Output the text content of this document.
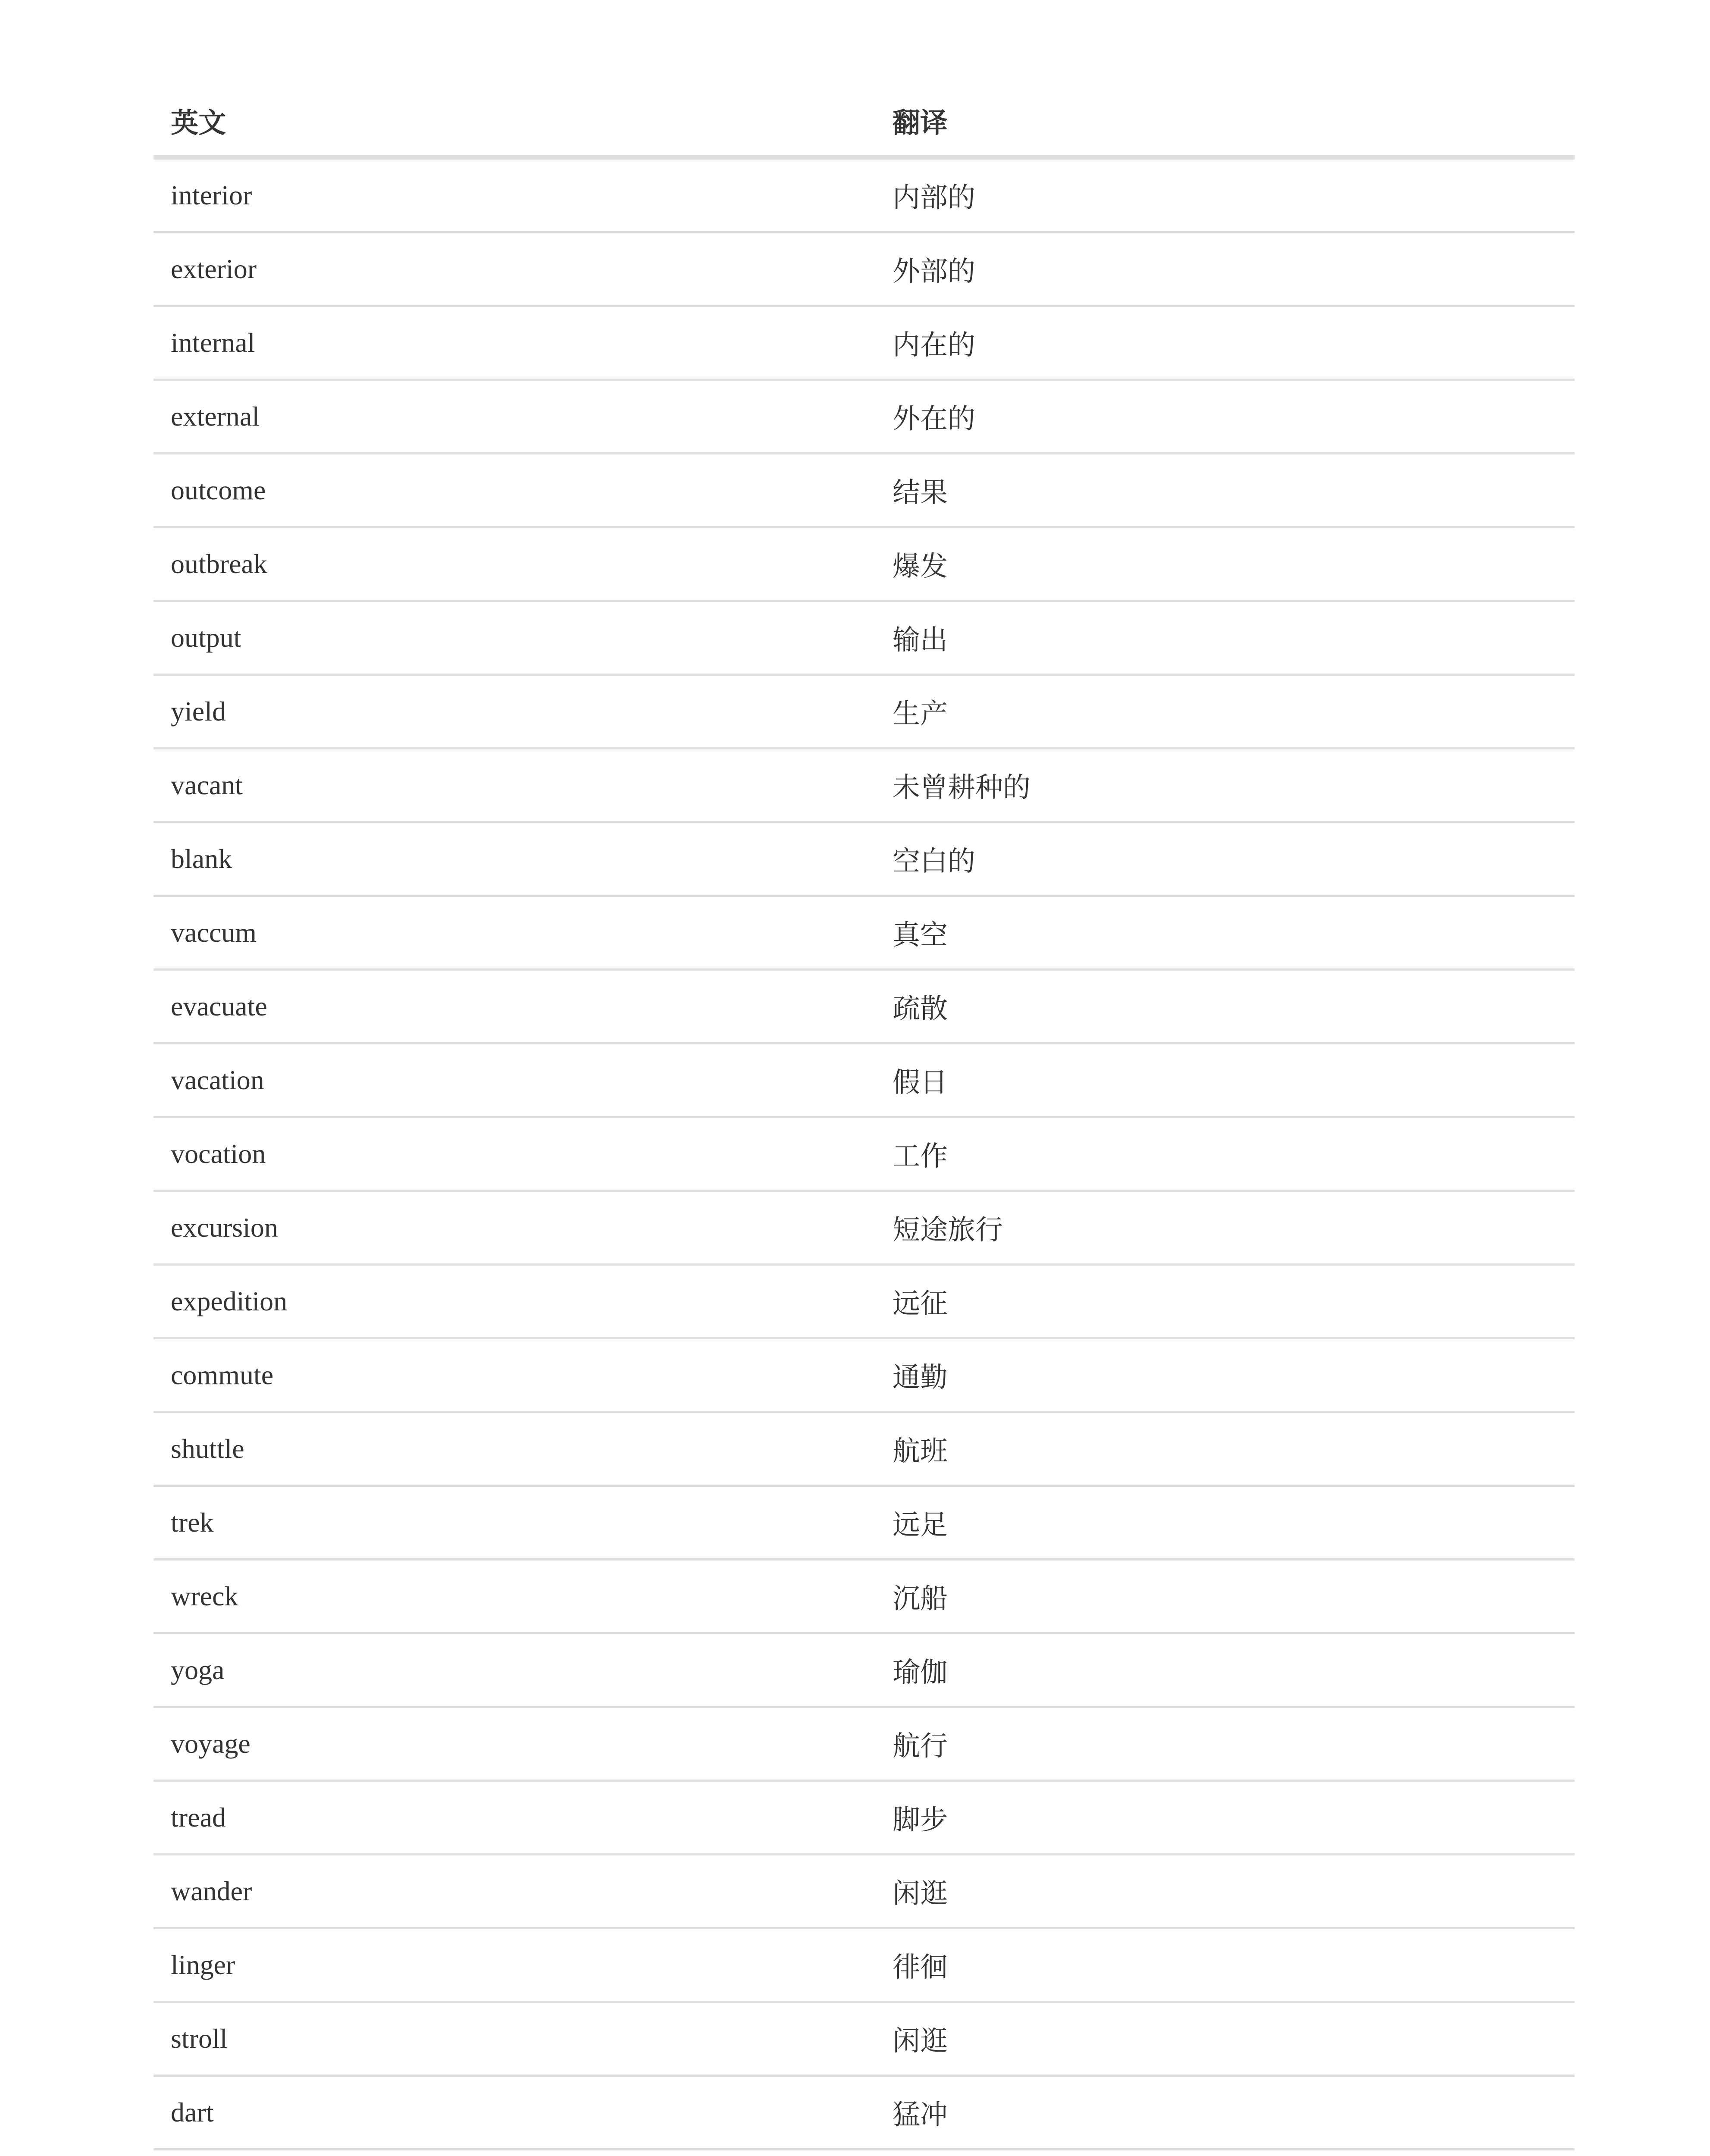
英文	翻译
interior	内部的
exterior	外部的
internal	内在的
external	外在的
outcome	结果
outbreak	爆发
output	输出
yield	生产
vacant	未曾耕种的
blank	空白的
vaccum	真空
evacuate	疏散
vacation	假日
vocation	工作
excursion	短途旅行
expedition	远征
commute	通勤
shuttle	航班
trek	远足
wreck	沉船
yoga	瑜伽
voyage	航行
tread	脚步
wander	闲逛
linger	徘徊
stroll	闲逛
dart	猛冲
